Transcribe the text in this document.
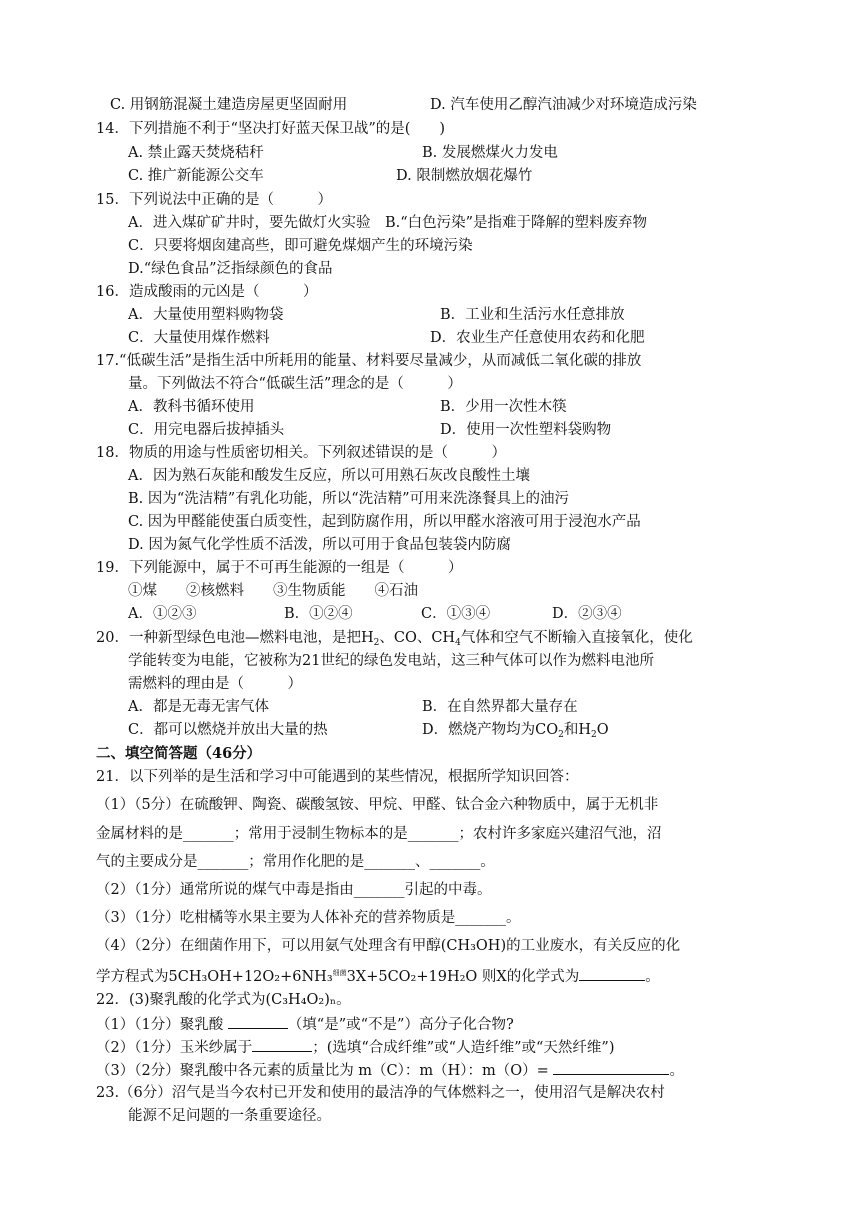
C. 用钢筋混凝土建造房屋更坚固耐用	D. 汽车使用乙醇汽油减少对环境造成污染
14．下列措施不利于“坚决打好蓝天保卫战”的是(　　)
A. 禁止露天焚烧秸秆	B. 发展燃煤火力发电
C. 推广新能源公交车	D. 限制燃放烟花爆竹
15．下列说法中正确的是（　　　）
A．进入煤矿矿井时，要先做灯火实验　B.“白色污染”是指难于降解的塑料废弃物
C．只要将烟囱建高些，即可避免煤烟产生的环境污染
D.“绿色食品”泛指绿颜色的食品
16．造成酸雨的元凶是（　　　）
A．大量使用塑料购物袋	B．工业和生活污水任意排放
C．大量使用煤作燃料	D．农业生产任意使用农药和化肥
17.“低碳生活”是指生活中所耗用的能量、材料要尽量减少，从而减低二氧化碳的排放
量。下列做法不符合“低碳生活”理念的是（　　　）
A．教科书循环使用	B．少用一次性木筷
C．用完电器后拔掉插头	D．使用一次性塑料袋购物
18．物质的用途与性质密切相关。下列叙述错误的是（　　　）
A．因为熟石灰能和酸发生反应，所以可用熟石灰改良酸性土壤
B. 因为“洗洁精”有乳化功能，所以“洗洁精”可用来洗涤餐具上的油污
C. 因为甲醛能使蛋白质变性，起到防腐作用，所以甲醛水溶液可用于浸泡水产品
D. 因为氮气化学性质不活泼，所以可用于食品包装袋内防腐
19．下列能源中，属于不可再生能源的一组是（　　　）
①煤　　②核燃料　　③生物质能　　④石油
A．①②③	B．①②④	C．①③④	D．②③④
20．一种新型绿色电池—燃料电池，是把$H_2$、CO、$CH_4$气体和空气不断输入直接氧化，使化
学能转变为电能，它被称为21世纪的绿色发电站，这三种气体可以作为燃料电池所
需燃料的理由是（　　　）
A．都是无毒无害气体	B．在自然界都大量存在
C．都可以燃烧并放出大量的热	D．燃烧产物均为$CO_2$和$H_2O$
二、填空简答题（46分）
21．以下列举的是生活和学习中可能遇到的某些情况，根据所学知识回答：
（1）（5分）在硫酸钾、陶瓷、碳酸氢铵、甲烷、甲醛、钛合金六种物质中，属于无机非
金属材料的是_______；常用于浸制生物标本的是_______；农村许多家庭兴建沼气池，沼
气的主要成分是_______；常用作化肥的是_______、_______。
（2）（1分）通常所说的煤气中毒是指由_______引起的中毒。
（3）（1分）吃柑橘等水果主要为人体补充的营养物质是_______。
（4）（2分）在细菌作用下，可以用氨气处理含有甲醇(CH₃OH)的工业废水，有关反应的化
学方程式为5CH₃OH+12O₂+6NH₃$^{细菌}$3X+5CO₂+19H₂O 则X的化学式为	。
22．(3)聚乳酸的化学式为(C₃H₄O₂)ₙ。
（1）（1分）聚乳酸	（填“是”或“不是”）高分子化合物?
（2）（1分）玉米纱属于	；(选填“合成纤维”或“人造纤维”或“天然纤维”)
（3）（2分）聚乳酸中各元素的质量比为 m（C）：m（H）：m（O）=	。
23.（6分）沼气是当今农村已开发和使用的最洁净的气体燃料之一，使用沼气是解决农村
能源不足问题的一条重要途径。
